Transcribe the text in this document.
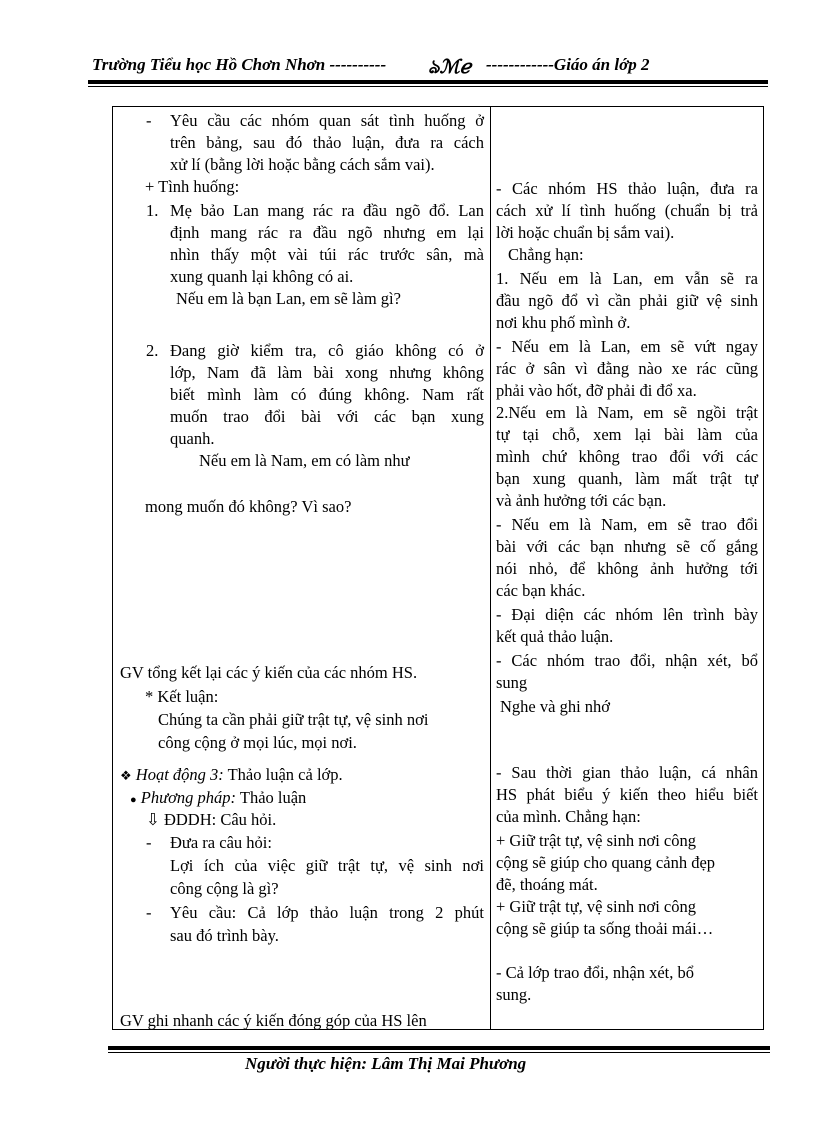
Trường Tiểu học Hồ Chơn Nhơn ---------- ঌℳℯ ------------Giáo án lớp 2
- Yêu cầu các nhóm quan sát tình huống ở
trên bảng, sau đó thảo luận, đưa ra cách
xử lí (bằng lời hoặc bằng cách sắm vai).
+ Tình huống:
1. Mẹ bảo Lan mang rác ra đầu ngõ đổ. Lan
định mang rác ra đầu ngõ nhưng em lại
nhìn thấy một vài túi rác trước sân, mà
xung quanh lại không có ai.
Nếu em là bạn Lan, em sẽ làm gì?
2. Đang giờ kiểm tra, cô giáo không có ở
lớp, Nam đã làm bài xong nhưng không
biết mình làm có đúng không. Nam rất
muốn trao đổi bài với các bạn xung
quanh.
Nếu em là Nam, em có làm như
mong muốn đó không? Vì sao?
GV tổng kết lại các ý kiến của các nhóm HS.
* Kết luận:
Chúng ta cần phải giữ trật tự, vệ sinh nơi
công cộng ở mọi lúc, mọi nơi.
❖ Hoạt động 3: Thảo luận cả lớp.
● Phương pháp: Thảo luận
⇩ ĐDDH: Câu hỏi.
- Đưa ra câu hỏi:
Lợi ích của việc giữ trật tự, vệ sinh nơi
công cộng là gì?
- Yêu cầu: Cả lớp thảo luận trong 2 phút
sau đó trình bày.
GV ghi nhanh các ý kiến đóng góp của HS lên
- Các nhóm HS thảo luận, đưa ra
cách xử lí tình huống (chuẩn bị trả
lời hoặc chuẩn bị sắm vai).
Chẳng hạn:
1. Nếu em là Lan, em vẫn sẽ ra
đầu ngõ đổ vì cần phải giữ vệ sinh
nơi khu phố mình ở.
- Nếu em là Lan, em sẽ vứt ngay
rác ở sân vì đằng nào xe rác cũng
phải vào hốt, đỡ phải đi đổ xa.
2.Nếu em là Nam, em sẽ ngồi trật
tự tại chỗ, xem lại bài làm của
mình chứ không trao đổi với các
bạn xung quanh, làm mất trật tự
và ảnh hưởng tới các bạn.
- Nếu em là Nam, em sẽ trao đổi
bài với các bạn nhưng sẽ cố gắng
nói nhỏ, để không ảnh hưởng tới
các bạn khác.
- Đại diện các nhóm lên trình bày
kết quả thảo luận.
- Các nhóm trao đổi, nhận xét, bổ
sung
Nghe và ghi nhớ
- Sau thời gian thảo luận, cá nhân
HS phát biểu ý kiến theo hiểu biết
của mình. Chẳng hạn:
+ Giữ trật tự, vệ sinh nơi công
cộng sẽ giúp cho quang cảnh đẹp
đẽ, thoáng mát.
+ Giữ trật tự, vệ sinh nơi công
cộng sẽ giúp ta sống thoải mái…
- Cả lớp trao đổi, nhận xét, bổ
sung.
Người thực hiện: Lâm Thị Mai Phương
